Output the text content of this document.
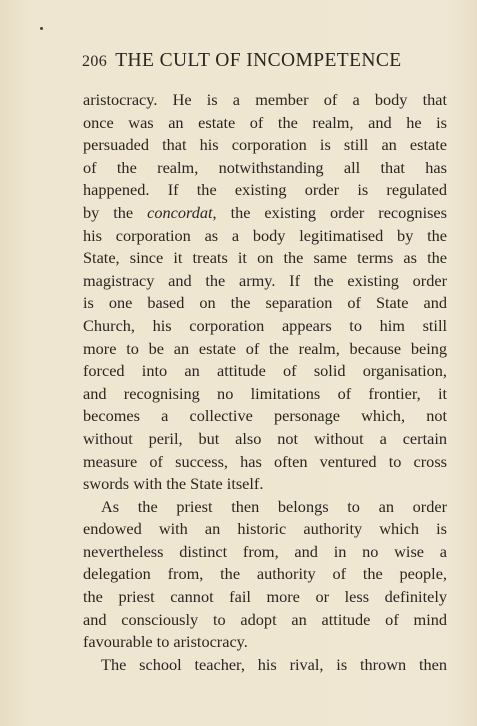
206 THE CULT OF INCOMPETENCE
aristocracy. He is a member of a body that
once was an estate of the realm, and he is
persuaded that his corporation is still an estate
of the realm, notwithstanding all that has
happened. If the existing order is regulated
by the concordat, the existing order recognises
his corporation as a body legitimatised by the
State, since it treats it on the same terms as the
magistracy and the army. If the existing order
is one based on the separation of State and
Church, his corporation appears to him still
more to be an estate of the realm, because being
forced into an attitude of solid organisation,
and recognising no limitations of frontier, it
becomes a collective personage which, not
without peril, but also not without a certain
measure of success, has often ventured to cross
swords with the State itself.
As the priest then belongs to an order
endowed with an historic authority which is
nevertheless distinct from, and in no wise a
delegation from, the authority of the people,
the priest cannot fail more or less definitely
and consciously to adopt an attitude of mind
favourable to aristocracy.
The school teacher, his rival, is thrown then
